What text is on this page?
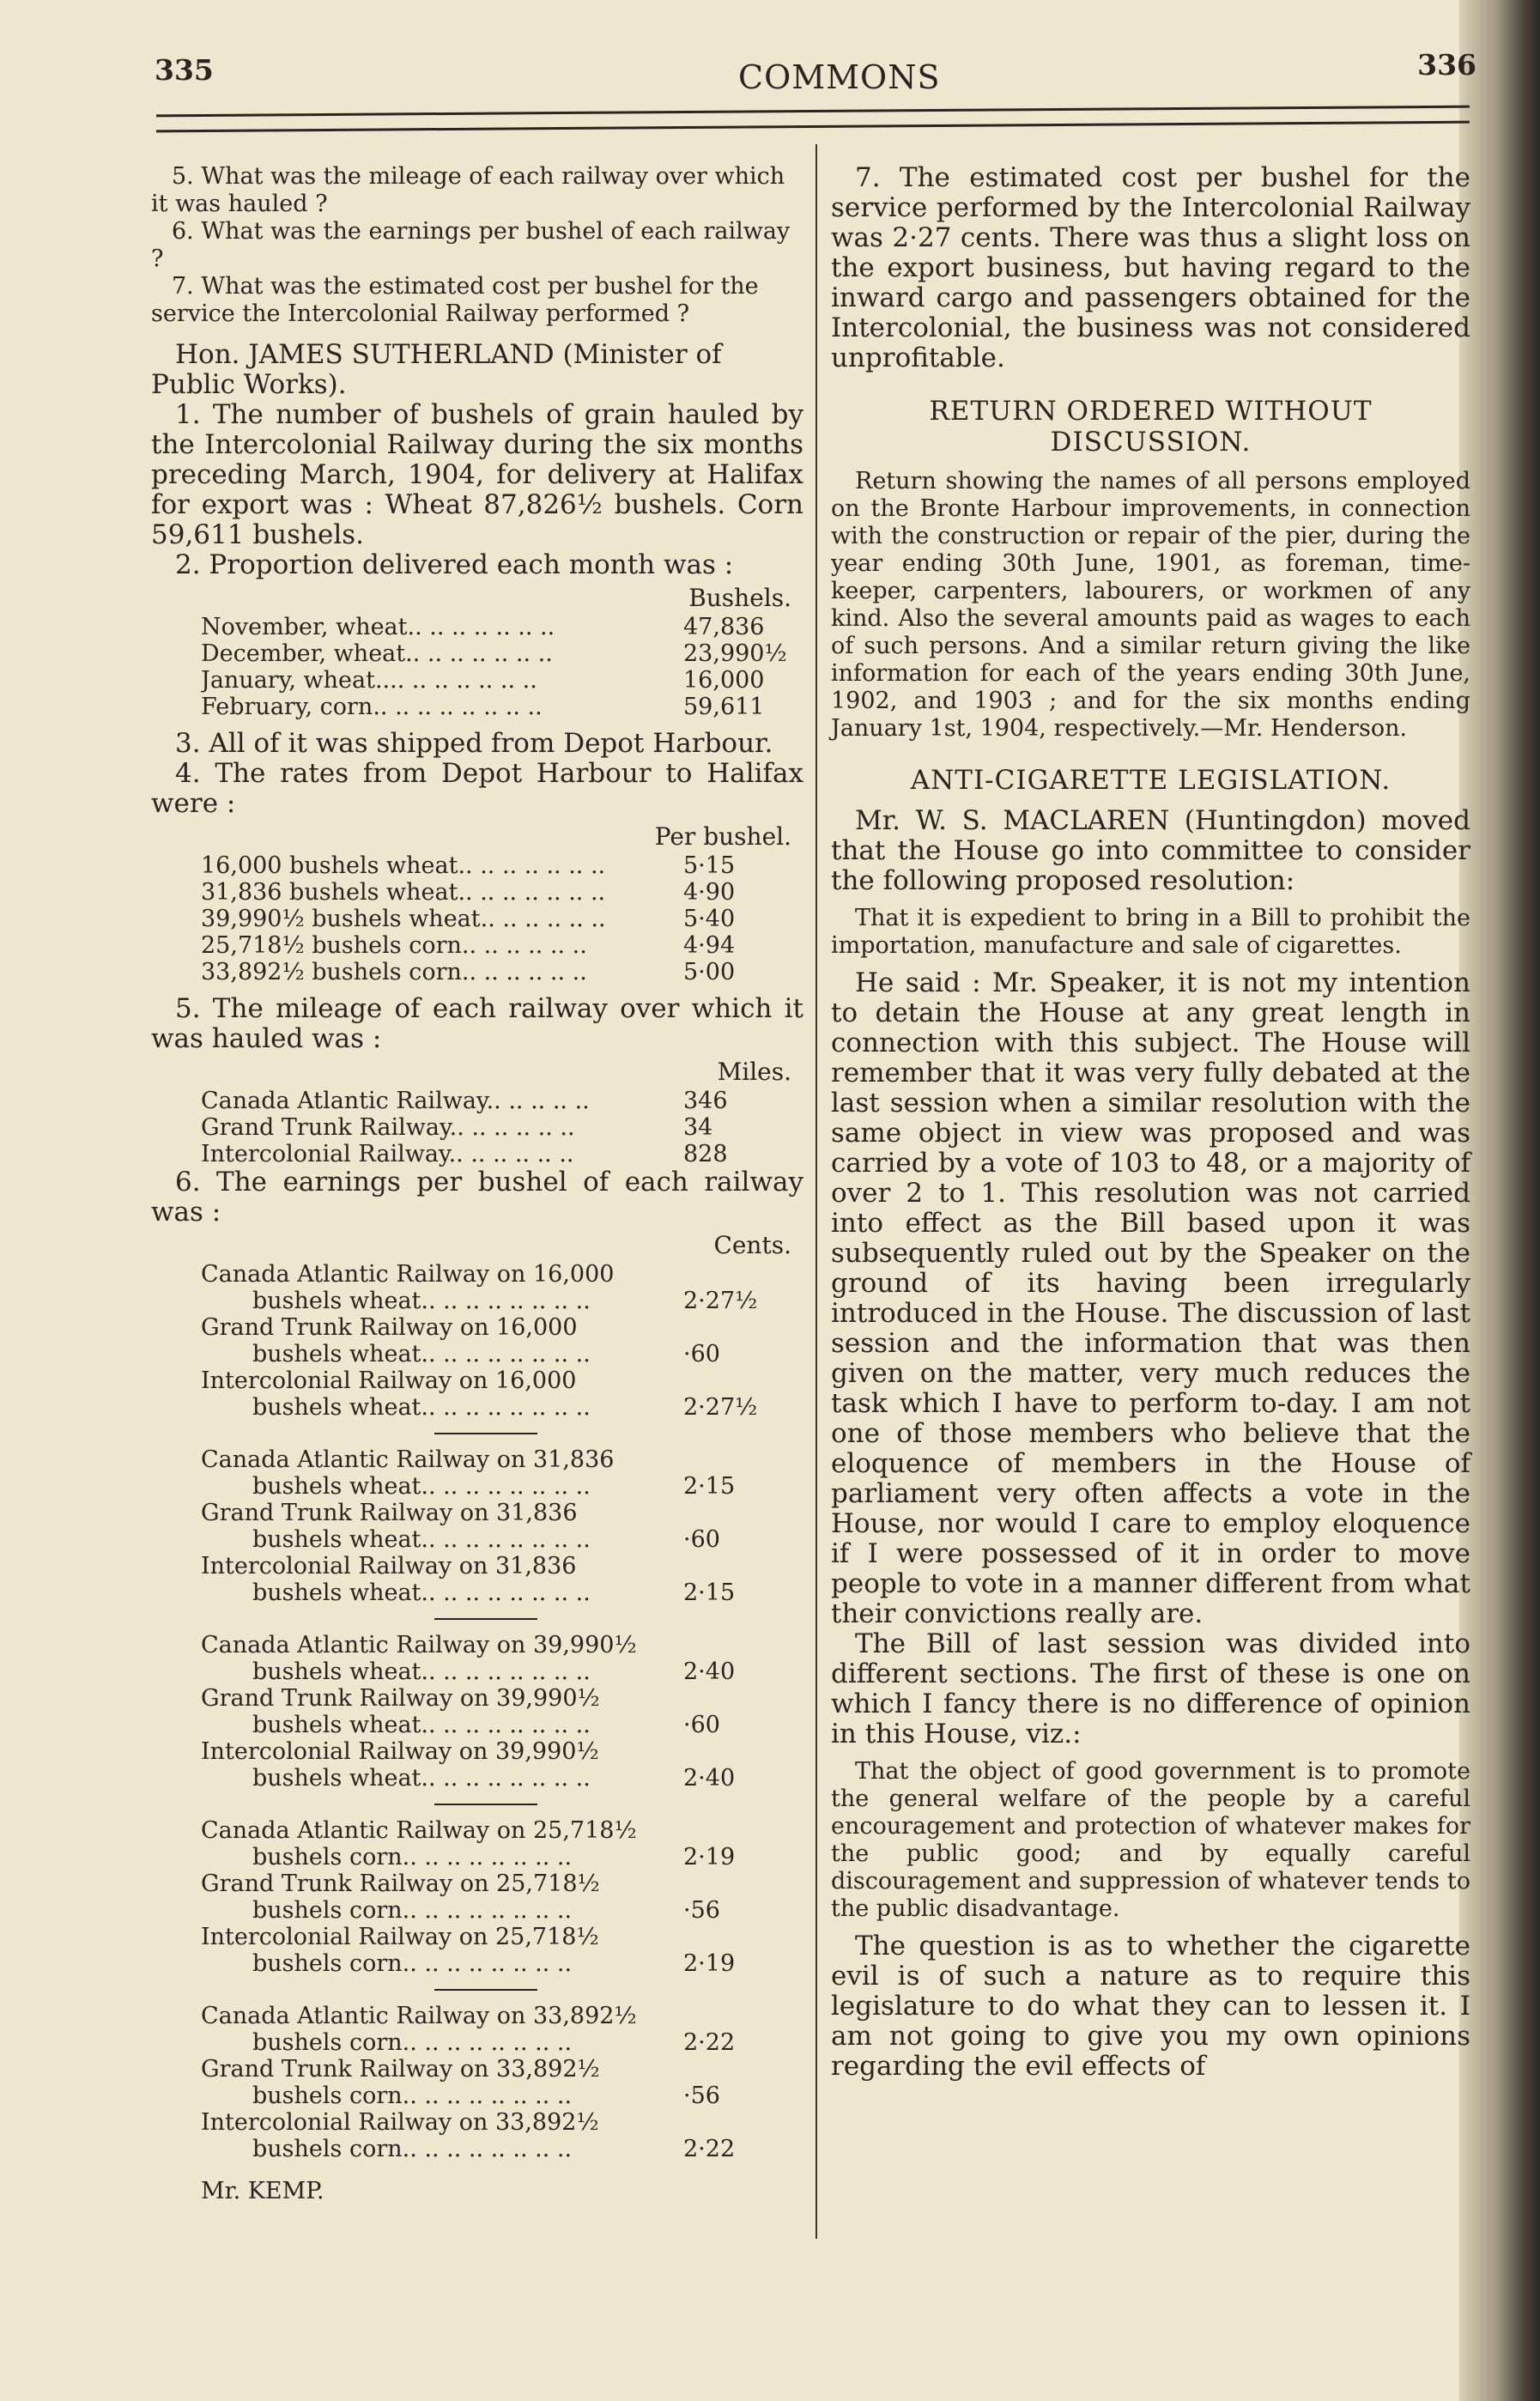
335	COMMONS	336

5. What was the mileage of each railway over which it was hauled ?

6. What was the earnings per bushel of each railway ?

7. What was the estimated cost per bushel for the service the Intercolonial Railway performed ?

Hon. JAMES SUTHERLAND (Minister of Public Works).

1. The number of bushels of grain hauled by the Intercolonial Railway during the six months preceding March, 1904, for delivery at Halifax for export was : Wheat 87,826½ bushels. Corn 59,611 bushels.

2. Proportion delivered each month was :

Bushels.
November, wheat.. .. .. .. .. .. ..	47,836
December, wheat.. .. .. .. .. .. ..	23,990½
January, wheat.... .. .. .. .. .. ..	16,000
February, corn.. .. .. .. .. .. .. ..	59,611

3. All of it was shipped from Depot Harbour.

4. The rates from Depot Harbour to Halifax were :

Per bushel.
16,000 bushels wheat.. .. .. .. .. .. ..	5·15
31,836 bushels wheat.. .. .. .. .. .. ..	4·90
39,990½ bushels wheat.. .. .. .. .. ..	5·40
25,718½ bushels corn.. .. .. .. .. ..	4·94
33,892½ bushels corn.. .. .. .. .. ..	5·00

5. The mileage of each railway over which it was hauled was :

Miles.
Canada Atlantic Railway.. .. .. .. ..	346
Grand Trunk Railway.. .. .. .. .. ..	34
Intercolonial Railway.. .. .. .. .. ..	828

6. The earnings per bushel of each railway was :

Cents.
Canada Atlantic Railway on 16,000
bushels wheat.. .. .. .. .. .. .. ..	2·27½
Grand Trunk Railway on 16,000
bushels wheat.. .. .. .. .. .. .. ..	·60
Intercolonial Railway on 16,000
bushels wheat.. .. .. .. .. .. .. ..	2·27½
Canada Atlantic Railway on 31,836
bushels wheat.. .. .. .. .. .. .. ..	2·15
Grand Trunk Railway on 31,836
bushels wheat.. .. .. .. .. .. .. ..	·60
Intercolonial Railway on 31,836
bushels wheat.. .. .. .. .. .. .. ..	2·15
Canada Atlantic Railway on 39,990½
bushels wheat.. .. .. .. .. .. .. ..	2·40
Grand Trunk Railway on 39,990½
bushels wheat.. .. .. .. .. .. .. ..	·60
Intercolonial Railway on 39,990½
bushels wheat.. .. .. .. .. .. .. ..	2·40
Canada Atlantic Railway on 25,718½
bushels corn.. .. .. .. .. .. .. ..	2·19
Grand Trunk Railway on 25,718½
bushels corn.. .. .. .. .. .. .. ..	·56
Intercolonial Railway on 25,718½
bushels corn.. .. .. .. .. .. .. ..	2·19
Canada Atlantic Railway on 33,892½
bushels corn.. .. .. .. .. .. .. ..	2·22
Grand Trunk Railway on 33,892½
bushels corn.. .. .. .. .. .. .. ..	·56
Intercolonial Railway on 33,892½
bushels corn.. .. .. .. .. .. .. ..	2·22
Mr. KEMP.

7. The estimated cost per bushel for the service performed by the Intercolonial Railway was 2·27 cents. There was thus a slight loss on the export business, but having regard to the inward cargo and passengers obtained for the Intercolonial, the business was not considered unprofitable.

RETURN ORDERED WITHOUT DISCUSSION.

Return showing the names of all persons employed on the Bronte Harbour improvements, in connection with the construction or repair of the pier, during the year ending 30th June, 1901, as foreman, time-keeper, carpenters, labourers, or workmen of any kind. Also the several amounts paid as wages to each of such persons. And a similar return giving the like information for each of the years ending 30th June, 1902, and 1903 ; and for the six months ending January 1st, 1904, respectively.—Mr. Henderson.

ANTI-CIGARETTE LEGISLATION.

Mr. W. S. MACLAREN (Huntingdon) moved that the House go into committee to consider the following proposed resolution:

That it is expedient to bring in a Bill to prohibit the importation, manufacture and sale of cigarettes.

He said : Mr. Speaker, it is not my intention to detain the House at any great length in connection with this subject. The House will remember that it was very fully debated at the last session when a similar resolution with the same object in view was proposed and was carried by a vote of 103 to 48, or a majority of over 2 to 1. This resolution was not carried into effect as the Bill based upon it was subsequently ruled out by the Speaker on the ground of its having been irregularly introduced in the House. The discussion of last session and the information that was then given on the matter, very much reduces the task which I have to perform to-day. I am not one of those members who believe that the eloquence of members in the House of parliament very often affects a vote in the House, nor would I care to employ eloquence if I were possessed of it in order to move people to vote in a manner different from what their convictions really are.

The Bill of last session was divided into different sections. The first of these is one on which I fancy there is no difference of opinion in this House, viz.:

That the object of good government is to promote the general welfare of the people by a careful encouragement and protection of whatever makes for the public good; and by equally careful discouragement and suppression of whatever tends to the public disadvantage.

The question is as to whether the cigarette evil is of such a nature as to require this legislature to do what they can to lessen it. I am not going to give you my own opinions regarding the evil effects of
